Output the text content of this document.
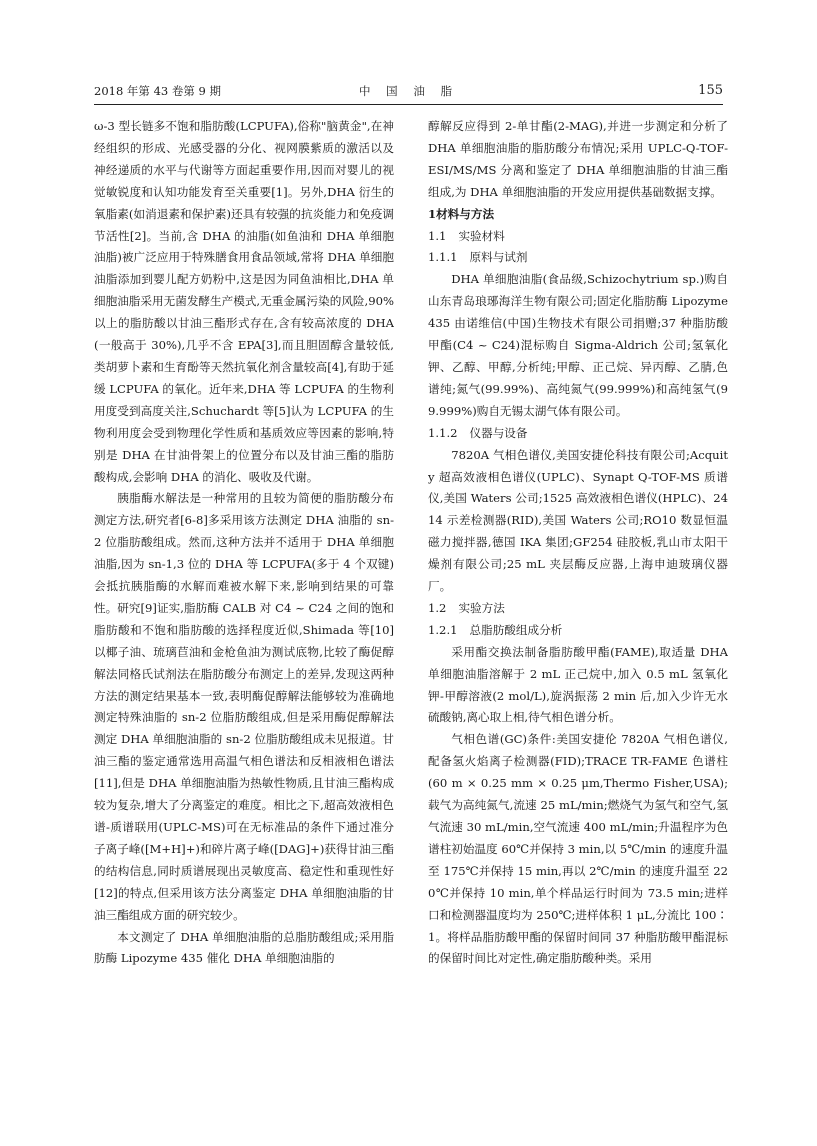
2018 年第 43 卷第 9 期	中 国 油 脂	155

ω-3 型长链多不饱和脂肪酸(LCPUFA),俗称"脑黄金",在神经组织的形成、光感受器的分化、视网膜紫质的激活以及神经递质的水平与代谢等方面起重要作用,因而对婴儿的视觉敏锐度和认知功能发育至关重要[1]。另外,DHA 衍生的氧脂素(如消退素和保护素)还具有较强的抗炎能力和免疫调节活性[2]。当前,含 DHA 的油脂(如鱼油和 DHA 单细胞油脂)被广泛应用于特殊膳食用食品领域,常将 DHA 单细胞油脂添加到婴儿配方奶粉中,这是因为同鱼油相比,DHA 单细胞油脂采用无菌发酵生产模式,无重金属污染的风险,90% 以上的脂肪酸以甘油三酯形式存在,含有较高浓度的 DHA(一般高于 30%),几乎不含 EPA[3],而且胆固醇含量较低,类胡萝卜素和生育酚等天然抗氧化剂含量较高[4],有助于延缓 LCPUFA 的氧化。近年来,DHA 等 LCPUFA 的生物利用度受到高度关注,Schuchardt 等[5]认为 LCPUFA 的生物利用度会受到物理化学性质和基质效应等因素的影响,特别是 DHA 在甘油骨架上的位置分布以及甘油三酯的脂肪酸构成,会影响 DHA 的消化、吸收及代谢。

胰脂酶水解法是一种常用的且较为简便的脂肪酸分布测定方法,研究者[6-8]多采用该方法测定 DHA 油脂的 sn-2 位脂肪酸组成。然而,这种方法并不适用于 DHA 单细胞油脂,因为 sn-1,3 位的 DHA 等 LCPUFA(多于 4 个双键)会抵抗胰脂酶的水解而难被水解下来,影响到结果的可靠性。研究[9]证实,脂肪酶 CALB 对 C4 ~ C24 之间的饱和脂肪酸和不饱和脂肪酸的选择程度近似,Shimada 等[10]以椰子油、琉璃苣油和金枪鱼油为测试底物,比较了酶促醇解法同格氏试剂法在脂肪酸分布测定上的差异,发现这两种方法的测定结果基本一致,表明酶促醇解法能够较为准确地测定特殊油脂的 sn-2 位脂肪酸组成,但是采用酶促醇解法测定 DHA 单细胞油脂的 sn-2 位脂肪酸组成未见报道。甘油三酯的鉴定通常选用高温气相色谱法和反相液相色谱法[11],但是 DHA 单细胞油脂为热敏性物质,且甘油三酯构成较为复杂,增大了分离鉴定的难度。相比之下,超高效液相色谱-质谱联用(UPLC-MS)可在无标准品的条件下通过准分子离子峰([M+H]+)和碎片离子峰([DAG]+)获得甘油三酯的结构信息,同时质谱展现出灵敏度高、稳定性和重现性好[12]的特点,但采用该方法分离鉴定 DHA 单细胞油脂的甘油三酯组成方面的研究较少。

本文测定了 DHA 单细胞油脂的总脂肪酸组成;采用脂肪酶 Lipozyme 435 催化 DHA 单细胞油脂的

醇解反应得到 2-单甘酯(2-MAG),并进一步测定和分析了 DHA 单细胞油脂的脂肪酸分布情况;采用 UPLC-Q-TOF-ESI/MS/MS 分离和鉴定了 DHA 单细胞油脂的甘油三酯组成,为 DHA 单细胞油脂的开发应用提供基础数据支撑。

1材料与方法
1.1 实验材料
1.1.1 原料与试剂

DHA 单细胞油脂(食品级,Schizochytrium sp.)购自山东青岛琅琊海洋生物有限公司;固定化脂肪酶 Lipozyme 435 由诺维信(中国)生物技术有限公司捐赠;37 种脂肪酸甲酯(C4 ~ C24)混标购自 Sigma-Aldrich 公司;氢氧化钾、乙醇、甲醇,分析纯;甲醇、正己烷、异丙醇、乙腈,色谱纯;氮气(99.99%)、高纯氮气(99.999%)和高纯氢气(99.999%)购自无锡太湖气体有限公司。

1.1.2 仪器与设备

7820A 气相色谱仪,美国安捷伦科技有限公司;Acquity 超高效液相色谱仪(UPLC)、Synapt Q-TOF-MS 质谱仪,美国 Waters 公司;1525 高效液相色谱仪(HPLC)、2414 示差检测器(RID),美国 Waters 公司;RO10 数显恒温磁力搅拌器,德国 IKA 集团;GF254 硅胶板,乳山市太阳干燥剂有限公司;25 mL 夹层酶反应器,上海申迪玻璃仪器厂。

1.2 实验方法
1.2.1 总脂肪酸组成分析

采用酯交换法制备脂肪酸甲酯(FAME),取适量 DHA 单细胞油脂溶解于 2 mL 正己烷中,加入 0.5 mL 氢氧化钾-甲醇溶液(2 mol/L),旋涡振荡 2 min 后,加入少许无水硫酸钠,离心取上相,待气相色谱分析。

气相色谱(GC)条件:美国安捷伦 7820A 气相色谱仪,配备氢火焰离子检测器(FID);TRACE TR-FAME 色谱柱(60 m × 0.25 mm × 0.25 μm,Thermo Fisher,USA);载气为高纯氮气,流速 25 mL/min;燃烧气为氢气和空气,氢气流速 30 mL/min,空气流速 400 mL/min;升温程序为色谱柱初始温度 60℃并保持 3 min,以 5℃/min 的速度升温至 175℃并保持 15 min,再以 2℃/min 的速度升温至 220℃并保持 10 min,单个样品运行时间为 73.5 min;进样口和检测器温度均为 250℃;进样体积 1 μL,分流比 100∶1。将样品脂肪酸甲酯的保留时间同 37 种脂肪酸甲酯混标的保留时间比对定性,确定脂肪酸种类。采用
